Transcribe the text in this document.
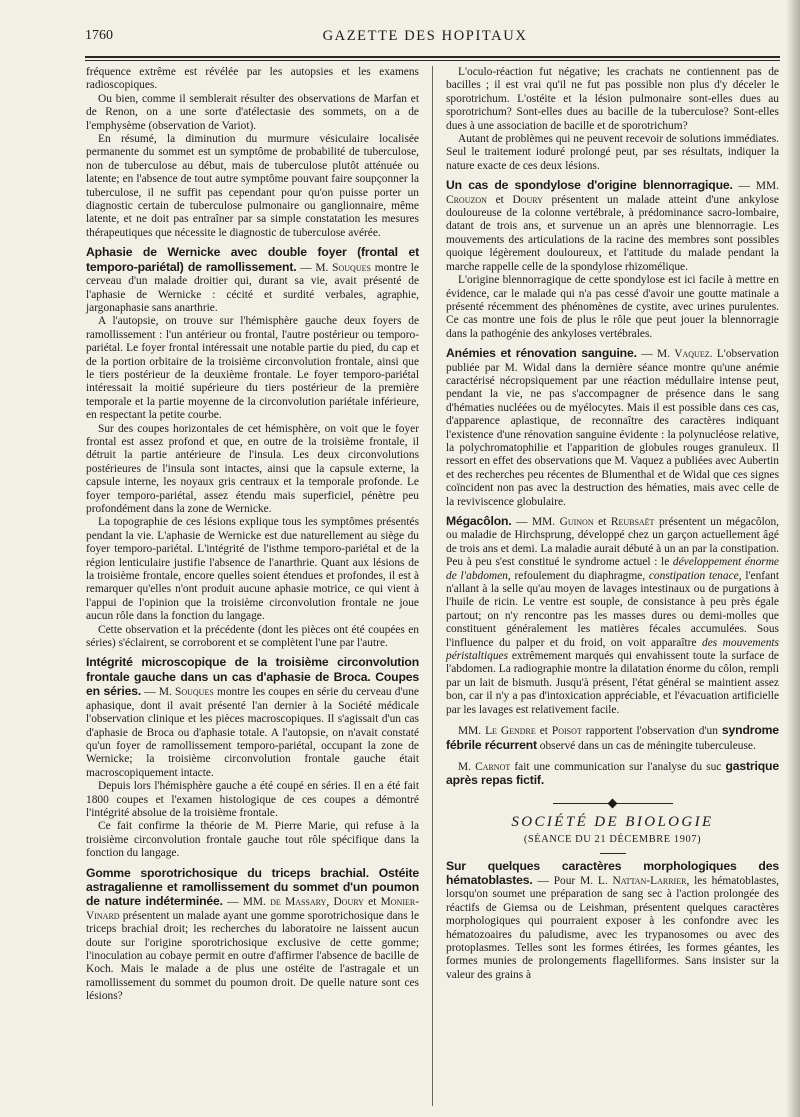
1760	GAZETTE DES HOPITAUX

fréquence extrême est révélée par les autopsies et les examens radioscopiques.

Ou bien, comme il semblerait résulter des observations de Marfan et de Renon, on a une sorte d'atélectasie des sommets, on a de l'emphysème (observation de Variot).

En résumé, la diminution du murmure vésiculaire localisée permanente du sommet est un symptôme de probabilité de tuberculose, non de tuberculose au début, mais de tuberculose plutôt atténuée ou latente; en l'absence de tout autre symptôme pouvant faire soupçonner la tuberculose, il ne suffit pas cependant pour qu'on puisse porter un diagnostic certain de tuberculose pulmonaire ou ganglionnaire, même latente, et ne doit pas entraîner par sa simple constatation les mesures thérapeutiques que nécessite le diagnostic de tuberculose avérée.

Aphasie de Wernicke avec double foyer (frontal et temporo-pariétal) de ramollissement. — M. Souques montre le cerveau d'un malade droitier qui, durant sa vie, avait présenté de l'aphasie de Wernicke : cécité et surdité verbales, agraphie, jargonaphasie sans anarthrie.

A l'autopsie, on trouve sur l'hémisphère gauche deux foyers de ramollissement : l'un antérieur ou frontal, l'autre postérieur ou temporo-pariétal. Le foyer frontal intéressait une notable partie du pied, du cap et de la portion orbitaire de la troisième circonvolution frontale, ainsi que le tiers postérieur de la deuxième frontale. Le foyer temporo-pariétal intéressait la moitié supérieure du tiers postérieur de la première temporale et la partie moyenne de la circonvolution pariétale inférieure, en respectant la petite courbe.

Sur des coupes horizontales de cet hémisphère, on voit que le foyer frontal est assez profond et que, en outre de la troisième frontale, il détruit la partie antérieure de l'insula. Les deux circonvolutions postérieures de l'insula sont intactes, ainsi que la capsule externe, la capsule interne, les noyaux gris centraux et la temporale profonde. Le foyer temporo-pariétal, assez étendu mais superficiel, pénètre peu profondément dans la zone de Wernicke.

La topographie de ces lésions explique tous les symptômes présentés pendant la vie. L'aphasie de Wernicke est due naturellement au siège du foyer temporo-pariétal. L'intégrité de l'isthme temporo-pariétal et de la région lenticulaire justifie l'absence de l'anarthrie. Quant aux lésions de la troisième frontale, encore quelles soient étendues et profondes, il est à remarquer qu'elles n'ont produit aucune aphasie motrice, ce qui vient à l'appui de l'opinion que la troisième circonvolution frontale ne joue aucun rôle dans la fonction du langage.

Cette observation et la précédente (dont les pièces ont été coupées en séries) s'éclairent, se corroborent et se complètent l'une par l'autre.

Intégrité microscopique de la troisième circonvolution frontale gauche dans un cas d'aphasie de Broca. Coupes en séries. — M. Souques montre les coupes en série du cerveau d'une aphasique, dont il avait présenté l'an dernier à la Société médicale l'observation clinique et les pièces macroscopiques. Il s'agissait d'un cas d'aphasie de Broca ou d'aphasie totale. A l'autopsie, on n'avait constaté qu'un foyer de ramollissement temporo-pariétal, occupant la zone de Wernicke; la troisième circonvolution frontale gauche était macroscopiquement intacte.

Depuis lors l'hémisphère gauche a été coupé en séries. Il en a été fait 1800 coupes et l'examen histologique de ces coupes a démontré l'intégrité absolue de la troisième frontale.

Ce fait confirme la théorie de M. Pierre Marie, qui refuse à la troisième circonvolution frontale gauche tout rôle spécifique dans la fonction du langage.

Gomme sporotrichosique du triceps brachial. Ostéite astragalienne et ramollissement du sommet d'un poumon de nature indéterminée. — MM. de Massary, Doury et Monier-Vinard présentent un malade ayant une gomme sporotrichosique dans le triceps brachial droit; les recherches du laboratoire ne laissent aucun doute sur l'origine sporotrichosique exclusive de cette gomme; l'inoculation au cobaye permit en outre d'affirmer l'absence de bacille de Koch. Mais le malade a de plus une ostéite de l'astragale et un ramollissement du sommet du poumon droit. De quelle nature sont ces lésions?

L'oculo-réaction fut négative; les crachats ne contiennent pas de bacilles ; il est vrai qu'il ne fut pas possible non plus d'y déceler le sporotrichum. L'ostéite et la lésion pulmonaire sont-elles dues au sporotrichum? Sont-elles dues au bacille de la tuberculose? Sont-elles dues à une association de bacille et de sporotrichum?

Autant de problèmes qui ne peuvent recevoir de solutions immédiates. Seul le traitement ioduré prolongé peut, par ses résultats, indiquer la nature exacte de ces deux lésions.

Un cas de spondylose d'origine blennorragique. — MM. Crouzon et Doury présentent un malade atteint d'une ankylose douloureuse de la colonne vertébrale, à prédominance sacro-lombaire, datant de trois ans, et survenue un an après une blennorragie. Les mouvements des articulations de la racine des membres sont possibles quoique légèrement douloureux, et l'attitude du malade pendant la marche rappelle celle de la spondylose rhizomélique.

L'origine blennorragique de cette spondylose est ici facile à mettre en évidence, car le malade qui n'a pas cessé d'avoir une goutte matinale a présenté récemment des phénomènes de cystite, avec urines purulentes. Ce cas montre une fois de plus le rôle que peut jouer la blennorragie dans la pathogénie des ankyloses vertébrales.

Anémies et rénovation sanguine. — M. Vaquez. L'observation publiée par M. Widal dans la dernière séance montre qu'une anémie caractérisé nécropsiquement par une réaction médullaire intense peut, pendant la vie, ne pas s'accompagner de présence dans le sang d'hématies nucléées ou de myélocytes. Mais il est possible dans ces cas, d'apparence aplastique, de reconnaître des caractères indiquant l'existence d'une rénovation sanguine évidente : la polynucléose relative, la polychromatophilie et l'apparition de globules rouges granuleux. Il ressort en effet des observations que M. Vaquez a publiées avec Aubertin et des recherches peu récentes de Blumenthal et de Widal que ces signes coïncident non pas avec la destruction des hématies, mais avec celle de la reviviscence globulaire.

Mégacôlon. — MM. Guinon et Reubsaët présentent un mégacôlon, ou maladie de Hirchsprung, développé chez un garçon actuellement âgé de trois ans et demi. La maladie aurait débuté à un an par la constipation. Peu à peu s'est constitué le syndrome actuel : le développement énorme de l'abdomen, refoulement du diaphragme, constipation tenace, l'enfant n'allant à la selle qu'au moyen de lavages intestinaux ou de purgations à l'huile de ricin. Le ventre est souple, de consistance à peu près égale partout; on n'y rencontre pas les masses dures ou demi-molles que constituent généralement les matières fécales accumulées. Sous l'influence du palper et du froid, on voit apparaître des mouvements péristaltiques extrêmement marqués qui envahissent toute la surface de l'abdomen. La radiographie montre la dilatation énorme du côlon, rempli par un lait de bismuth. Jusqu'à présent, l'état général se maintient assez bon, car il n'y a pas d'intoxication appréciable, et l'évacuation artificielle par les lavages est relativement facile.

MM. Le Gendre et Poisot rapportent l'observation d'un syndrome fébrile récurrent observé dans un cas de méningite tuberculeuse.

M. Carnot fait une communication sur l'analyse du suc gastrique après repas fictif.

SOCIÉTÉ DE BIOLOGIE
(SÉANCE DU 21 DÉCEMBRE 1907)

Sur quelques caractères morphologiques des hématoblastes. — Pour M. L. Nattan-Larrier, les hématoblastes, lorsqu'on soumet une préparation de sang sec à l'action prolongée des réactifs de Giemsa ou de Leishman, présentent quelques caractères morphologiques qui pourraient exposer à les confondre avec les hématozoaires du paludisme, avec les trypanosomes ou avec des protoplasmes. Telles sont les formes étirées, les formes géantes, les formes munies de prolongements flagelliformes. Sans insister sur la valeur des grains à
